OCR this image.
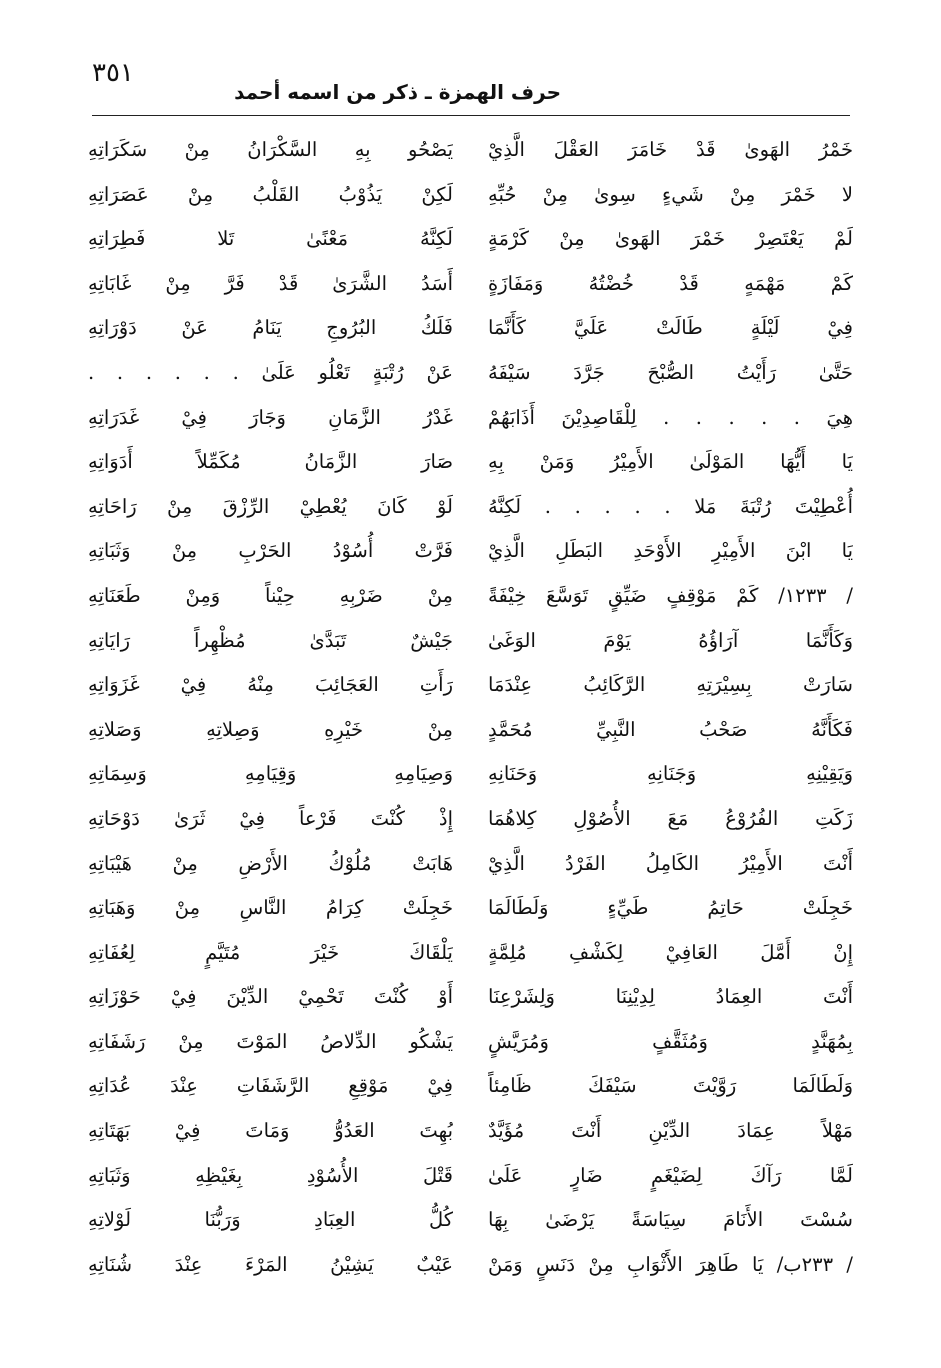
٣٥١
حرف الهمزة ـ ذكر من اسمه أحمد
خَمْرُ الهَوىٰ قَدْ خَامَرَ العَقْلَ الَّذِيْ
لا خَمْرَ مِنْ شَيءٍ سِوىٰ مِنْ حُبِّهِ
لَمْ يَعْتَصِرْ خَمْرَ الهَوىٰ مِنْ كَرْمَةٍ
كَمْ مَهْمَهٍ قَدْ خُضْتُهُ وَمَفَازَةٍ
فِيْ لَيْلَةٍ طَالَتْ عَلَيَّ كَأَنَّمَا
حَتَّىٰ رَأَيْتُ الصُّبْحَ جَرَّدَ سَيْفَهُ
هِيَ . . . . . لِلْقَاصِدِيْنَ أَذَابَهُمْ
يَا أَيُّهَا المَوْلَىٰ الأَمِيْرُ وَمَنْ بِهِ
أُعْطِيْتَ رُتْبَةَ مَلا . . . . . لَكِنَّهُ
يَا ابْنَ الأَمِيْرِ الأَوْحَدِ البَطَلِ الَّذِيْ
/ ١٢٣٣/ كَمْ مَوْقِفٍ ضَيِّقٍ تَوَسَّعَ خِيْفَةً
وَكَأَنَّمَا آرَاؤُهُ يَوْمَ الوَغَىٰ
سَارَتْ بِسِيْرَتِهِ الرَّكَائِبُ عِنْدَمَا
فَكَأَنَّهُ صَحْبُ النَّبِيِّ مُحَمَّدٍ
وَيَقِيْنِهِ وَجَنَانِهِ وَحَنَانِهِ
زَكَتِ الفُرُوْعُ مَعَ الأُصُوْلِ كِلاهُمَا
أَنْتَ الأَمِيْرُ الكَامِلُ الفَرْدُ الَّذِيْ
خَجِلَتْ حَاتِمُ طَيِّءٍ وَلَطَالَمَا
إِنْ أَمَّلَ العَافِيْ لِكَشْفِ مُلِمَّةٍ
أَنْتَ العِمَادُ لِدِيْنِنَا وَلِشَرْعِنَا
بِمُهَنَّدٍ وَمُثَقَّفٍ وَمُرَيَّشٍ
وَلَطَالَمَا رَوَّيْتَ سَيْفَكَ ظَامِئاً
مَهْلاً عِمَادَ الدِّيْنِ أَنْتَ مُؤَيَّدٌ
لَمَّا رَآكَ لِضَيْغَمٍ ضَارٍ عَلَىٰ
سُسْتَ الأَنَامَ سِيَاسَةً يَرْضَىٰ بِهَا
/ ٢٣٣ب/ يَا طَاهِرَ الأَثْوَابِ مِنْ دَنَسٍ وَمَنْ
يَصْحُو بِهِ السَّكْرَانُ مِنْ سَكَرَاتِهِ
لَكِنْ يَذُوْبُ القَلْبُ مِنْ عَصَرَاتِهِ
لَكِنَّهُ مَعْنًىٰ تَلا فَطِرَاتِهِ
أَسَدُ الشَّرَىٰ قَدْ فَرَّ مِنْ غَابَاتِهِ
فَلَكُ البُرُوجِ يَنَامُ عَنْ دَوْرَاتِهِ
عَنْ رُتْبَةٍ تَعْلُو عَلَىٰ . . . . . .
غَدْرُ الزَّمَانِ وَجَارَ فِيْ غَدَرَاتِهِ
صَارَ الزَّمَانُ مُكَمِّلاً أَدَوَاتِهِ
لَوْ كَانَ يُعْطِيْ الرِّزْقَ مِنْ رَاحَاتِهِ
فَرَّتْ أُسُوْدُ الحَرْبِ مِنْ وَثَبَاتِهِ
مِنْ ضَرْبِهِ حِيْناً وَمِنْ طَعَنَاتِهِ
جَيْشٌ تَبَدَّىٰ مُظْهِراً رَايَاتِهِ
رَأَتِ العَجَائِبَ مِنْهُ فِيْ غَزَوَاتِهِ
مِنْ خَيْرِهِ وَصِلاتِهِ وَصَلاتِهِ
وَصِيَامِهِ وَقِيَامِهِ وَسِمَاتِهِ
إِذْ كُنْتَ فَرْعاً فِيْ ثَرَىٰ دَوْحَاتِهِ
هَابَتْ مُلُوْكُ الأَرْضِ مِنْ هَيْبَاتِهِ
خَجِلَتْ كِرَامُ النَّاسِ مِنْ وَهَبَاتِهِ
يَلْقَاكَ خَيْرَ مُتَيَّمٍ لِعُفَاتِهِ
أَوْ كُنْتَ تَحْمِيْ الدِّيْنَ فِيْ حَوْزَاتِهِ
يَشْكُو الدِّلاصُ المَوْتَ مِنْ رَشَفَاتِهِ
فِيْ مَوْقِعِ الرَّشَفَاتِ عِنْدَ عُدَاتِهِ
بُهِتَ العَدُوُّ وَمَاتَ فِيْ بَهَتَاتِهِ
قَتْلَ الأُسُوْدِ بِغَيْظِهِ وَثَبَاتِهِ
كُلُّ العِبَادِ وَرَبُّنَا لَوْلاتِهِ
عَيْبٌ يَشِيْنُ المَرْءَ عِنْدَ شُنَاتِهِ
